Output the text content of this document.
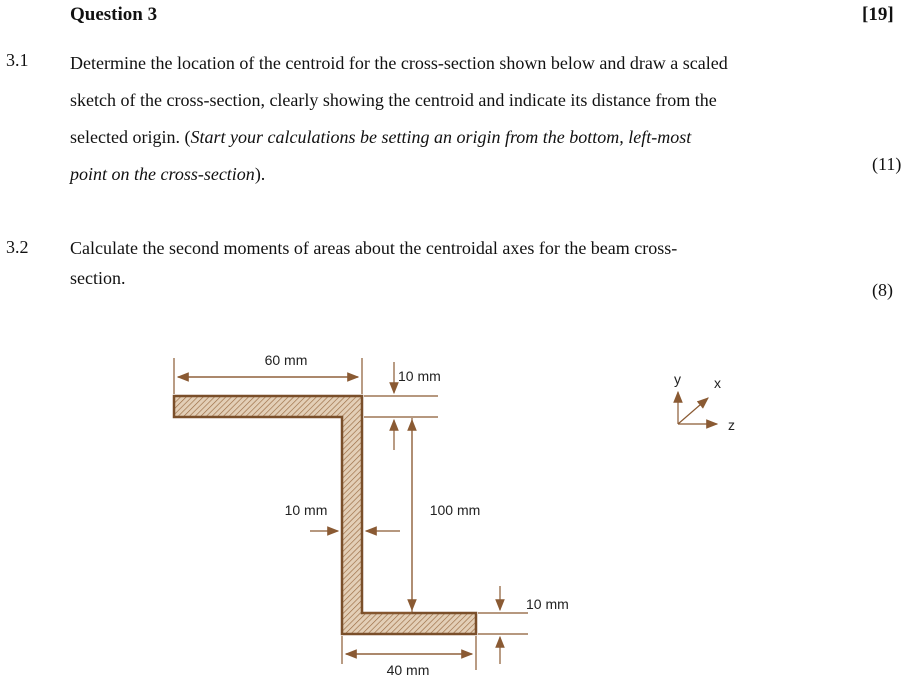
Question 3	[19]
3.1 Determine the location of the centroid for the cross-section shown below and draw a scaled
sketch of the cross-section, clearly showing the centroid and indicate its distance from the
selected origin. (Start your calculations be setting an origin from the bottom, left-most
point on the cross-section).	(11)
3.2 Calculate the second moments of areas about the centroidal axes for the beam cross-
section.
(8)
60 mm
10 mm
10 mm	100 mm
10 mm
40 mm
y x
z
